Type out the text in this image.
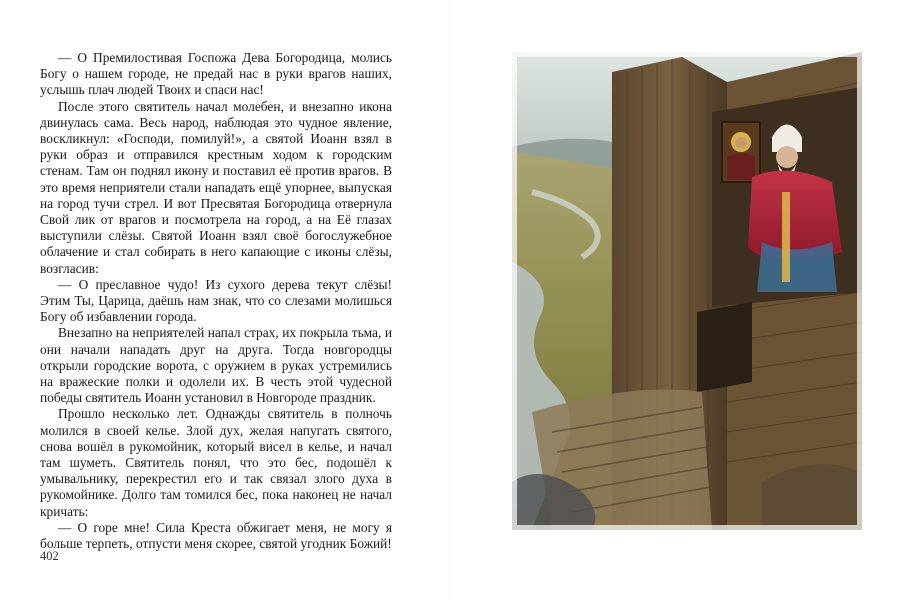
— О Премилостивая Госпожа Дева Богородица, молись Богу о нашем городе, не предай нас в руки врагов наших, услышь плач людей Твоих и спаси нас!

После этого святитель начал молебен, и внезапно икона двинулась сама. Весь народ, наблюдая это чудное явление, воскликнул: «Господи, помилуй!», а святой Иоанн взял в руки образ и отправился крестным ходом к городским стенам. Там он поднял икону и поставил её против врагов. В это время неприятели стали нападать ещё упорнее, выпуская на город тучи стрел. И вот Пресвятая Богородица отвернула Свой лик от врагов и посмотрела на город, а на Её глазах выступили слёзы. Святой Иоанн взял своё богослужебное облачение и стал собирать в него капающие с иконы слёзы, возгласив:

— О преславное чудо! Из сухого дерева текут слёзы! Этим Ты, Царица, даёшь нам знак, что со слезами молишься Богу об избавлении города.

Внезапно на неприятелей напал страх, их покрыла тьма, и они начали нападать друг на друга. Тогда новгородцы открыли городские ворота, с оружием в руках устремились на вражеские полки и одолели их. В честь этой чудесной победы святитель Иоанн установил в Новгороде праздник.

Прошло несколько лет. Однажды святитель в полночь молился в своей келье. Злой дух, желая напугать святого, снова вошёл в рукомойник, который висел в келье, и начал там шуметь. Святитель понял, что это бес, подошёл к умывальнику, перекрестил его и так связал злого духа в рукомойнике. Долго там томился бес, пока наконец не начал кричать:

— О горе мне! Сила Креста обжигает меня, не могу я больше терпеть, отпусти меня скорее, святой угодник Божий!

402
